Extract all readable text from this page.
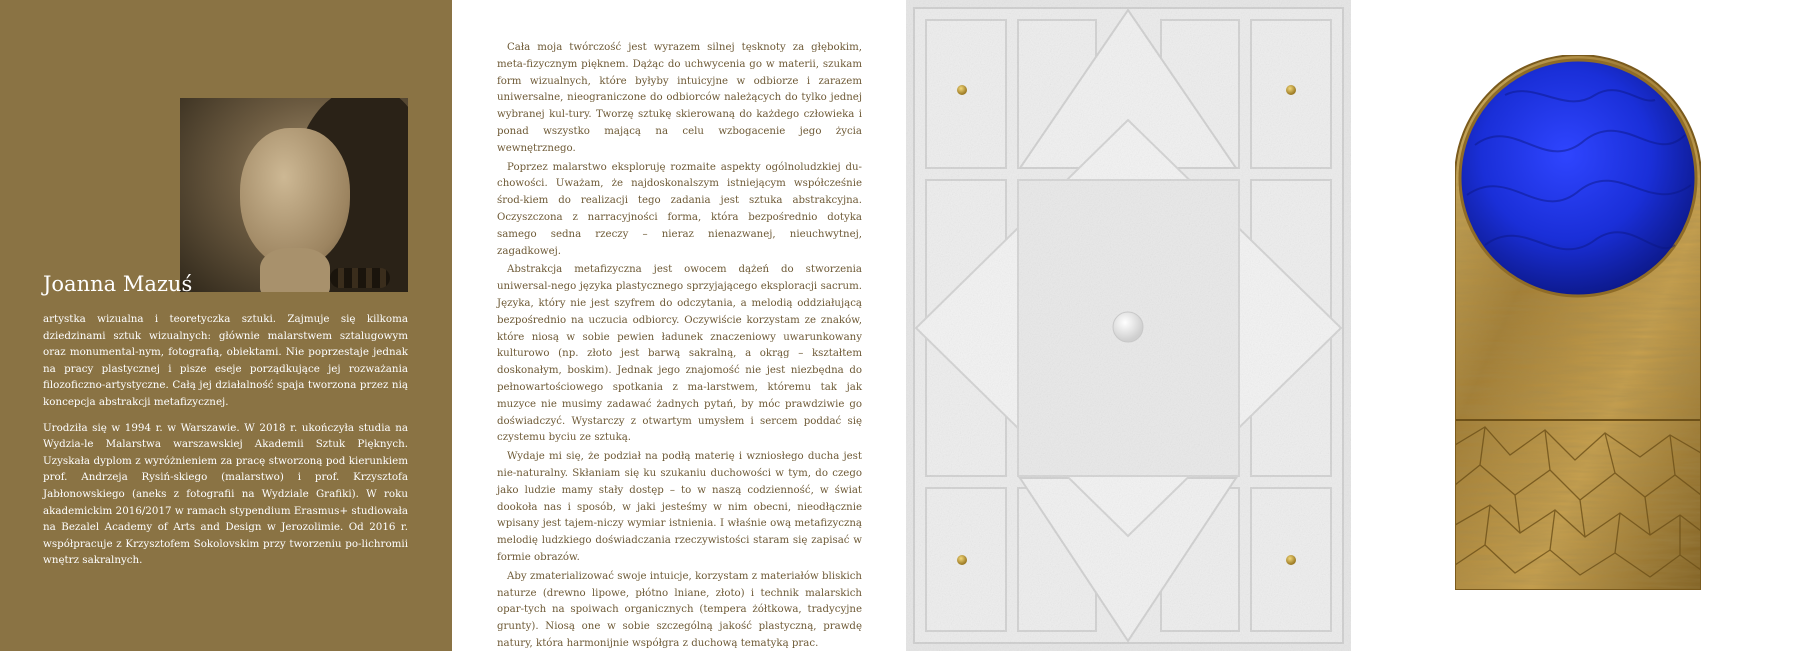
Joanna Mazuś

artystka wizualna i teoretyczka sztuki. Zajmuje się kilkoma dziedzinami sztuk wizualnych: głównie malarstwem sztalugowym oraz monumental-nym, fotografią, obiektami. Nie poprzestaje jednak na pracy plastycznej i pisze eseje porządkujące jej rozważania filozoficzno-artystyczne. Całą jej działalność spaja tworzona przez nią koncepcja abstrakcji metafizycznej.

Urodziła się w 1994 r. w Warszawie. W 2018 r. ukończyła studia na Wydzia-le Malarstwa warszawskiej Akademii Sztuk Pięknych. Uzyskała dyplom z wyróżnieniem za pracę stworzoną pod kierunkiem prof. Andrzeja Rysiń-skiego (malarstwo) i prof. Krzysztofa Jabłonowskiego (aneks z fotografii na Wydziale Grafiki). W roku akademickim 2016/2017 w ramach stypendium Erasmus+ studiowała na Bezalel Academy of Arts and Design w Jerozolimie. Od 2016 r. współpracuje z Krzysztofem Sokolovskim przy tworzeniu po-lichromii wnętrz sakralnych.

Cała moja twórczość jest wyrazem silnej tęsknoty za głębokim, meta-fizycznym pięknem. Dążąc do uchwycenia go w materii, szukam form wizualnych, które byłyby intuicyjne w odbiorze i zarazem uniwersalne, nieograniczone do odbiorców należących do tylko jednej wybranej kul-tury. Tworzę sztukę skierowaną do każdego człowieka i ponad wszystko mającą na celu wzbogacenie jego życia wewnętrznego.

Poprzez malarstwo eksploruję rozmaite aspekty ogólnoludzkiej du-chowości. Uważam, że najdoskonalszym istniejącym współcześnie środ-kiem do realizacji tego zadania jest sztuka abstrakcyjna. Oczyszczona z narracyjności forma, która bezpośrednio dotyka samego sedna rzeczy – nieraz nienazwanej, nieuchwytnej, zagadkowej.

Abstrakcja metafizyczna jest owocem dążeń do stworzenia uniwersal-nego języka plastycznego sprzyjającego eksploracji sacrum. Języka, który nie jest szyfrem do odczytania, a melodią oddziałującą bezpośrednio na uczucia odbiorcy. Oczywiście korzystam ze znaków, które niosą w sobie pewien ładunek znaczeniowy uwarunkowany kulturowo (np. złoto jest barwą sakralną, a okrąg – kształtem doskonałym, boskim). Jednak jego znajomość nie jest niezbędna do pełnowartościowego spotkania z ma-larstwem, któremu tak jak muzyce nie musimy zadawać żadnych pytań, by móc prawdziwie go doświadczyć. Wystarczy z otwartym umysłem i sercem poddać się czystemu byciu ze sztuką.

Wydaje mi się, że podział na podłą materię i wzniosłego ducha jest nie-naturalny. Skłaniam się ku szukaniu duchowości w tym, do czego jako ludzie mamy stały dostęp – to w naszą codzienność, w świat dookoła nas i sposób, w jaki jesteśmy w nim obecni, nieodłącznie wpisany jest tajem-niczy wymiar istnienia. I właśnie ową metafizyczną melodię ludzkiego doświadczania rzeczywistości staram się zapisać w formie obrazów.

Aby zmaterializować swoje intuicje, korzystam z materiałów bliskich naturze (drewno lipowe, płótno lniane, złoto) i technik malarskich opar-tych na spoiwach organicznych (tempera żółtkowa, tradycyjne grunty). Niosą one w sobie szczególną jakość plastyczną, prawdę natury, która harmonijnie współgra z duchową tematyką prac.
